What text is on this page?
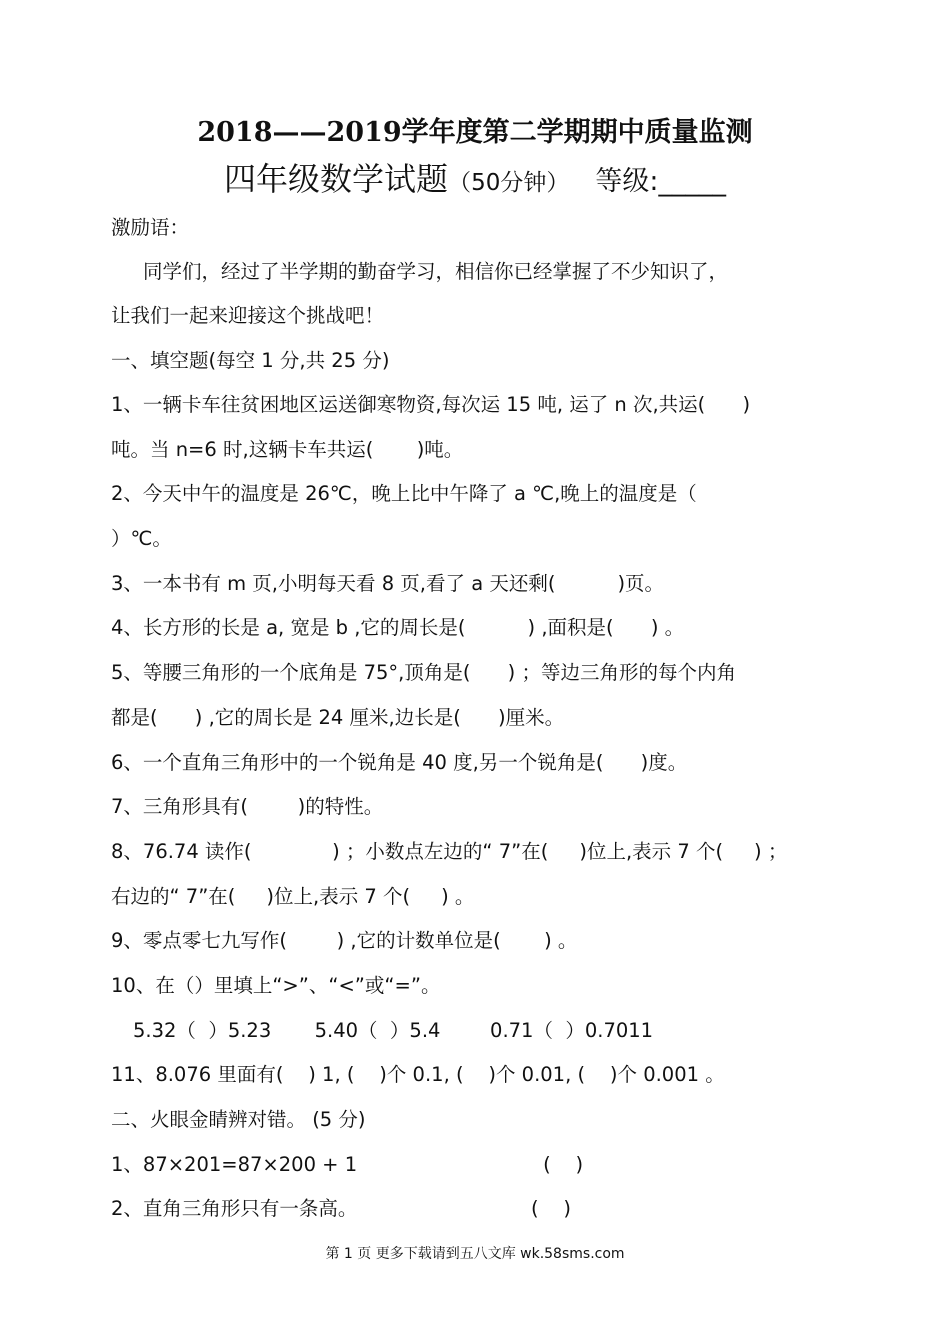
2018——2019学年度第二学期期中质量监测
四年级数学试题（50分钟） 等级:_____
激励语：
同学们，经过了半学期的勤奋学习，相信你已经掌握了不少知识了，
让我们一起来迎接这个挑战吧！
一、填空题(每空 1 分,共 25 分)
1、一辆卡车往贫困地区运送御寒物资,每次运 15 吨, 运了 n 次,共运(      )
吨。当 n=6 时,这辆卡车共运(       )吨。
2、今天中午的温度是 26℃，晚上比中午降了 a ℃,晚上的温度是（
）℃。
3、一本书有 m 页,小明每天看 8 页,看了 a 天还剩(          )页。
4、长方形的长是 a, 宽是 b ,它的周长是(          ) ,面积是(      ) 。
5、等腰三角形的一个底角是 75°,顶角是(      ) ；等边三角形的每个内角
都是(      ) ,它的周长是 24 厘米,边长是(      )厘米。
6、一个直角三角形中的一个锐角是 40 度,另一个锐角是(      )度。
7、三角形具有(        )的特性。
8、76.74 读作(             ) ；小数点左边的“ 7”在(     )位上,表示 7 个(     ) ；
右边的“ 7”在(     )位上,表示 7 个(     ) 。
9、零点零七九写作(        ) ,它的计数单位是(       ) 。
10、在（）里填上“>”、“<”或“=”。
5.32（  ）5.23       5.40（  ）5.4        0.71（  ）0.7011
11、8.076 里面有(    ) 1, (    )个 0.1, (    )个 0.01, (    )个 0.001 。
二、火眼金睛辨对错。 (5 分)
1、87×201=87×200 + 1                              (    )
2、直角三角形只有一条高。                            (    )
第 1 页 更多下载请到五八文库 wk.58sms.com
